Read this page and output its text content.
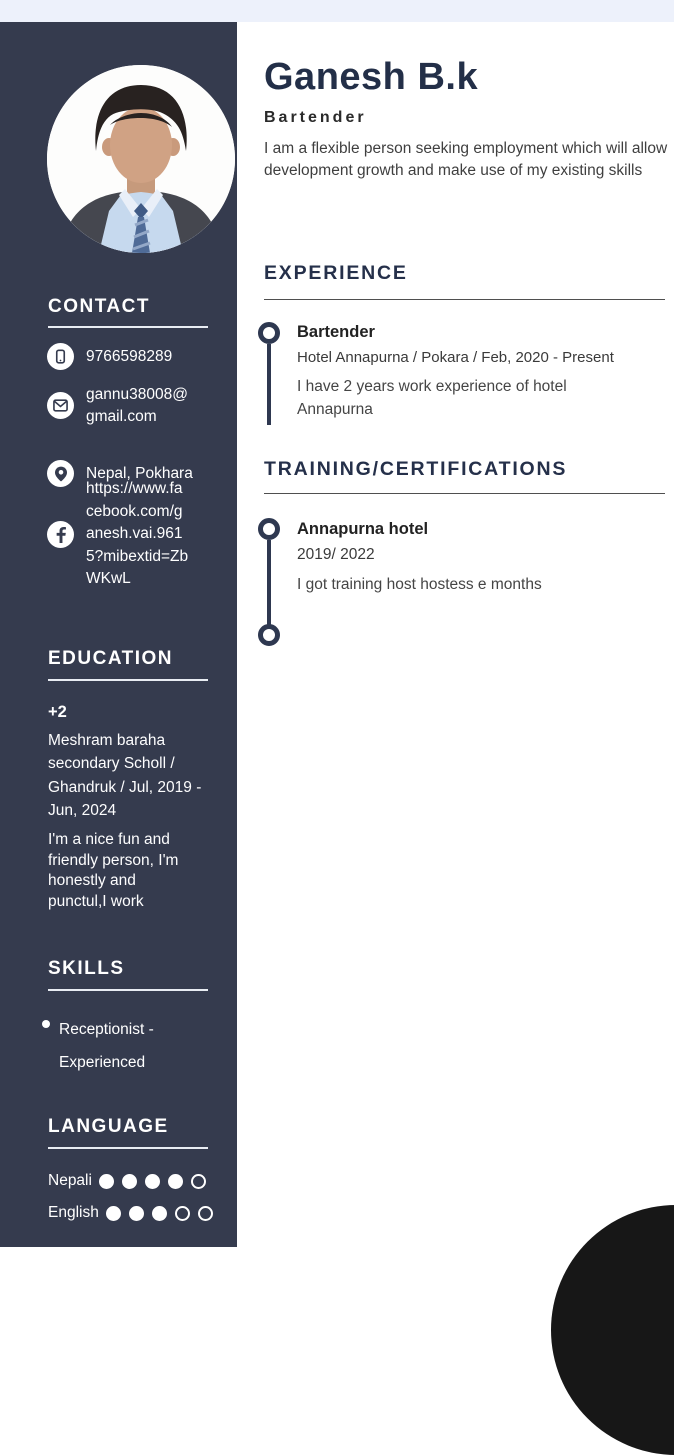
CONTACT
9766598289
gannu38008@gmail.com
Nepal, Pokhara
https://www.facebook.com/ganesh.vai.9615?mibextid=ZbWKwL
EDUCATION
+2
Meshram baraha secondary Scholl / Ghandruk / Jul, 2019 - Jun, 2024
I'm a nice fun and friendly person, I'm honestly and punctul,I work
SKILLS
Receptionist - Experienced
LANGUAGE
Nepali
English
Ganesh B.k
Bartender

I am a flexible person seeking employment which will allow development growth and make use of my existing skills

EXPERIENCE
Bartender
Hotel Annapurna / Pokara / Feb, 2020 - Present
I have 2 years work experience of hotel Annapurna
TRAINING/CERTIFICATIONS
Annapurna hotel
2019/ 2022
I got training host hostess e months
